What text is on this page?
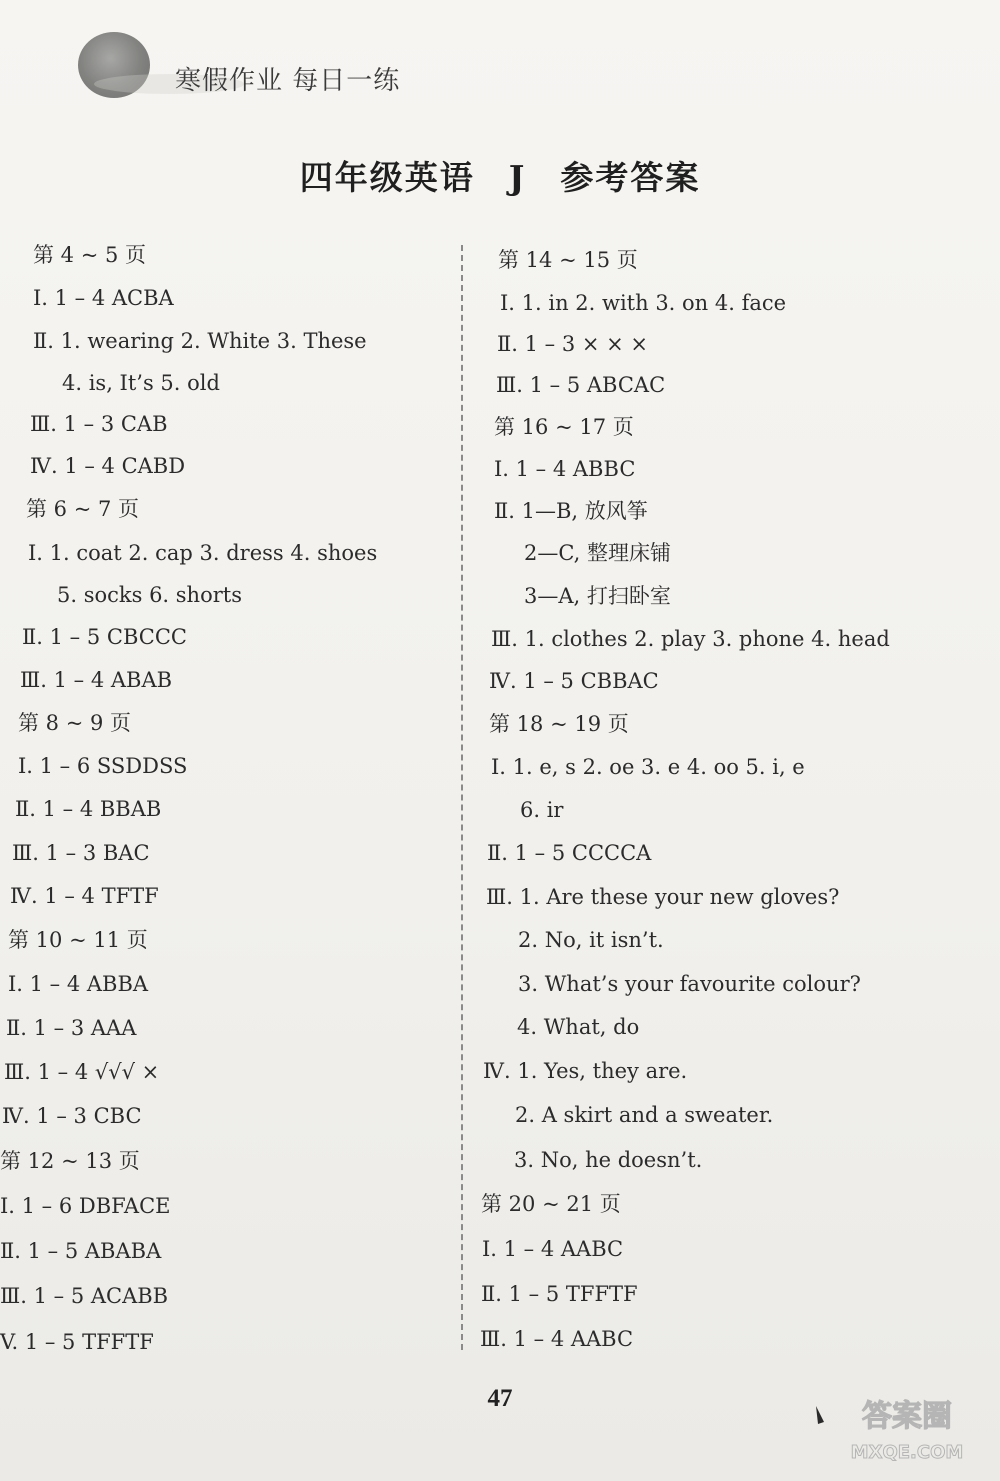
寒假作业 每日一练
四年级英语 J 参考答案
第 4 ~ 5 页
Ⅰ. 1 – 4 ACBA
Ⅱ. 1. wearing 2. White 3. These
4. is, It’s 5. old
Ⅲ. 1 – 3 CAB
Ⅳ. 1 – 4 CABD
第 6 ~ 7 页
Ⅰ. 1. coat 2. cap 3. dress 4. shoes
5. socks 6. shorts
Ⅱ. 1 – 5 CBCCC
Ⅲ. 1 – 4 ABAB
第 8 ~ 9 页
Ⅰ. 1 – 6 SSDDSS
Ⅱ. 1 – 4 BBAB
Ⅲ. 1 – 3 BAC
Ⅳ. 1 – 4 TFTF
第 10 ~ 11 页
Ⅰ. 1 – 4 ABBA
Ⅱ. 1 – 3 AAA
Ⅲ. 1 – 4 √√√ ×
Ⅳ. 1 – 3 CBC
第 12 ~ 13 页
Ⅰ. 1 – 6 DBFACE
Ⅱ. 1 – 5 ABABA
Ⅲ. 1 – 5 ACABB
V. 1 – 5 TFFTF
第 14 ~ 15 页
Ⅰ. 1. in 2. with 3. on 4. face
Ⅱ. 1 – 3 × × ×
Ⅲ. 1 – 5 ABCAC
第 16 ~ 17 页
Ⅰ. 1 – 4 ABBC
Ⅱ. 1—B, 放风筝
2—C, 整理床铺
3—A, 打扫卧室
Ⅲ. 1. clothes 2. play 3. phone 4. head
Ⅳ. 1 – 5 CBBAC
第 18 ~ 19 页
Ⅰ. 1. e, s 2. oe 3. e 4. oo 5. i, e
6. ir
Ⅱ. 1 – 5 CCCCA
Ⅲ. 1. Are these your new gloves?
2. No, it isn’t.
3. What’s your favourite colour?
4. What, do
Ⅳ. 1. Yes, they are.
2. A skirt and a sweater.
3. No, he doesn’t.
第 20 ~ 21 页
Ⅰ. 1 – 4 AABC
Ⅱ. 1 – 5 TFFTF
Ⅲ. 1 – 4 AABC
47
答案圈
MXQE.COM
